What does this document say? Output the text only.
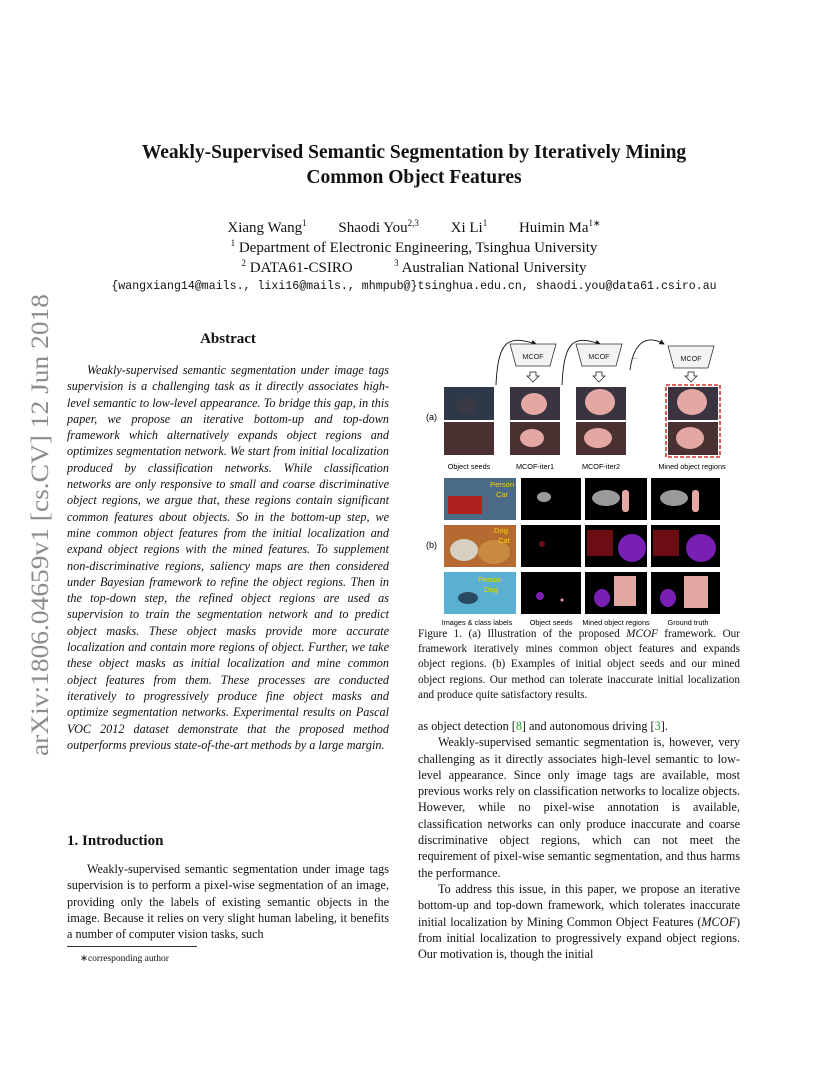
arXiv:1806.04659v1 [cs.CV] 12 Jun 2018
Weakly-Supervised Semantic Segmentation by Iteratively Mining
Common Object Features
Xiang Wang$^1$ Shaodi You$^{2,3}$ Xi Li$^1$ Huimin $Ma^{1∗}$
$^1$ Department of Electronic Engineering, Tsinghua University
$^2$ DATA61-CSIRO	$^3$ Australian National University
{wangxiang14@mails., lixi16@mails., mhmpub@}tsinghua.edu.cn, shaodi.you@data61.csiro.au
Abstract

Weakly-supervised semantic segmentation under image tags supervision is a challenging task as it directly associates high-level semantic to low-level appearance. To bridge this gap, in this paper, we propose an iterative bottom-up and top-down framework which alternatively expands object regions and optimizes segmentation network. We start from initial localization produced by classification networks. While classification networks are only responsive to small and coarse discriminative object regions, we argue that, these regions contain significant common features about objects. So in the bottom-up step, we mine common object features from the initial localization and expand object regions with the mined features. To supplement non-discriminative regions, saliency maps are then considered under Bayesian framework to refine the object regions. Then in the top-down step, the refined object regions are used as supervision to train the segmentation network and to predict object masks. These object masks provide more accurate localization and contain more regions of object. Further, we take these object masks as initial localization and mine common object features from them. These processes are conducted iteratively to progressively produce fine object masks and optimize segmentation networks. Experimental results on Pascal VOC 2012 dataset demonstrate that the proposed method outperforms previous state-of-the-art methods by a large margin.

1. Introduction

Weakly-supervised semantic segmentation under image tags supervision is to perform a pixel-wise segmentation of an image, providing only the labels of existing semantic objects in the image. Because it relies on very slight human labeling, it benefits a number of computer vision tasks, such

∗corresponding author
MCOF	MCOF	MCOF
...
(a)
Object seeds	MCOF-iter1	MCOF-iter2	Mined object regions
(b)
Person
Car
Dog
Cat
Person
Dog
Images & class labels Object seeds Mined object regions Ground truth
Figure 1. (a) Illustration of the proposed MCOF framework. Our framework iteratively mines common object features and expands object regions. (b) Examples of initial object seeds and our mined object regions. Our method can tolerate inaccurate initial localization and produce quite satisfactory results.

as object detection [8] and autonomous driving [3].

Weakly-supervised semantic segmentation is, however, very challenging as it directly associates high-level semantic to low-level appearance. Since only image tags are available, most previous works rely on classification networks to localize objects. However, while no pixel-wise annotation is available, classification networks can only produce inaccurate and coarse discriminative object regions, which can not meet the requirement of pixel-wise semantic segmentation, and thus harms the performance.

To address this issue, in this paper, we propose an iterative bottom-up and top-down framework, which tolerates inaccurate initial localization by Mining Common Object Features (MCOF) from initial localization to progressively expand object regions. Our motivation is, though the initial
